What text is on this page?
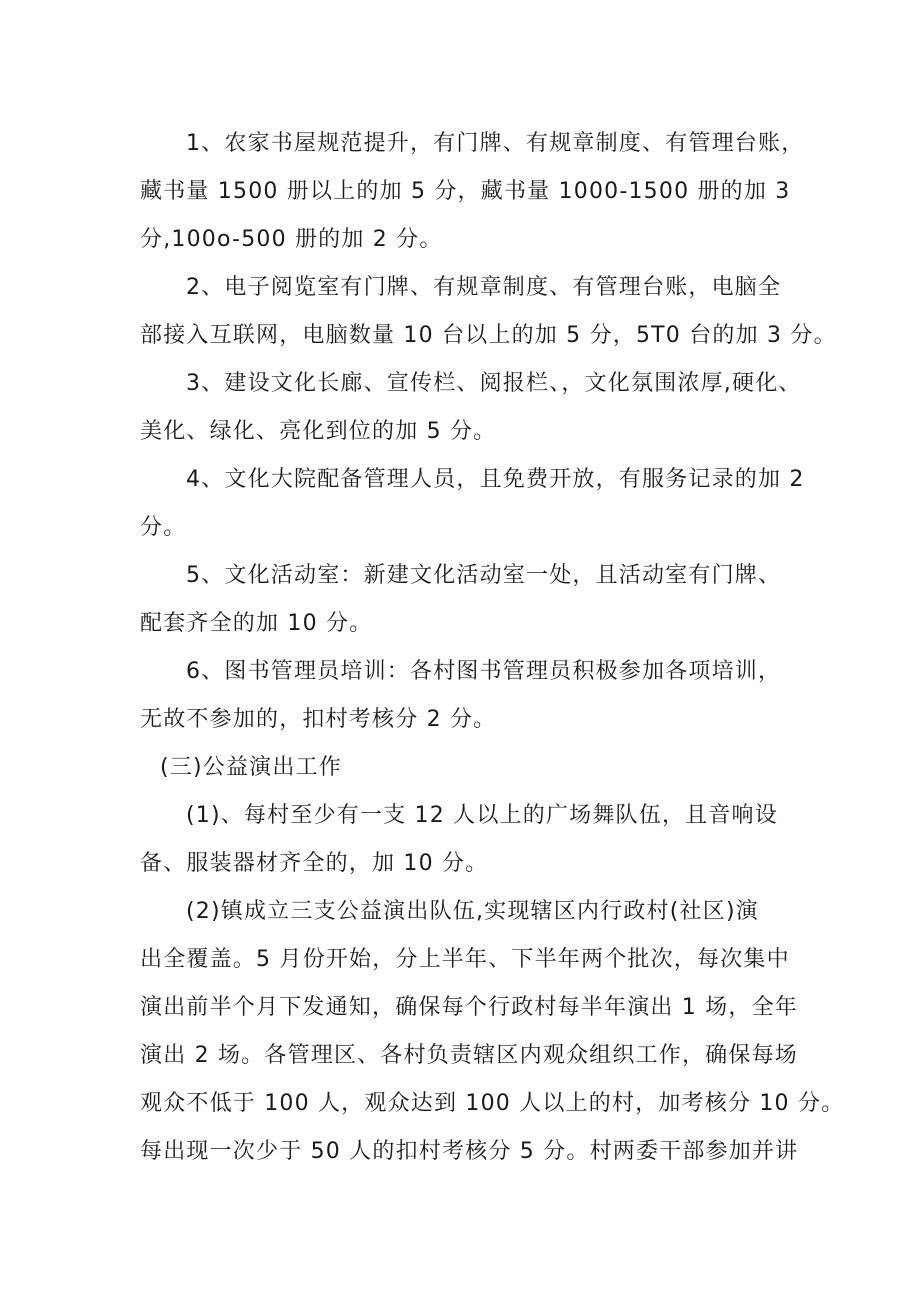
1、农家书屋规范提升，有门牌、有规章制度、有管理台账，
藏书量 1500 册以上的加 5 分，藏书量 1000-1500 册的加 3
分,100o-500 册的加 2 分。
2、电子阅览室有门牌、有规章制度、有管理台账，电脑全
部接入互联网，电脑数量 10 台以上的加 5 分，5T0 台的加 3 分。
3、建设文化长廊、宣传栏、阅报栏、，文化氛围浓厚,硬化、
美化、绿化、亮化到位的加 5 分。
4、文化大院配备管理人员，且免费开放，有服务记录的加 2
分。
5、文化活动室：新建文化活动室一处，且活动室有门牌、
配套齐全的加 10 分。
6、图书管理员培训：各村图书管理员积极参加各项培训，
无故不参加的，扣村考核分 2 分。
(三)公益演出工作
(1)、每村至少有一支 12 人以上的广场舞队伍，且音响设
备、服装器材齐全的，加 10 分。
(2)镇成立三支公益演出队伍,实现辖区内行政村(社区)演
出全覆盖。5 月份开始，分上半年、下半年两个批次，每次集中
演出前半个月下发通知，确保每个行政村每半年演出 1 场，全年
演出 2 场。各管理区、各村负责辖区内观众组织工作，确保每场
观众不低于 100 人，观众达到 100 人以上的村，加考核分 10 分。
每出现一次少于 50 人的扣村考核分 5 分。村两委干部参加并讲
